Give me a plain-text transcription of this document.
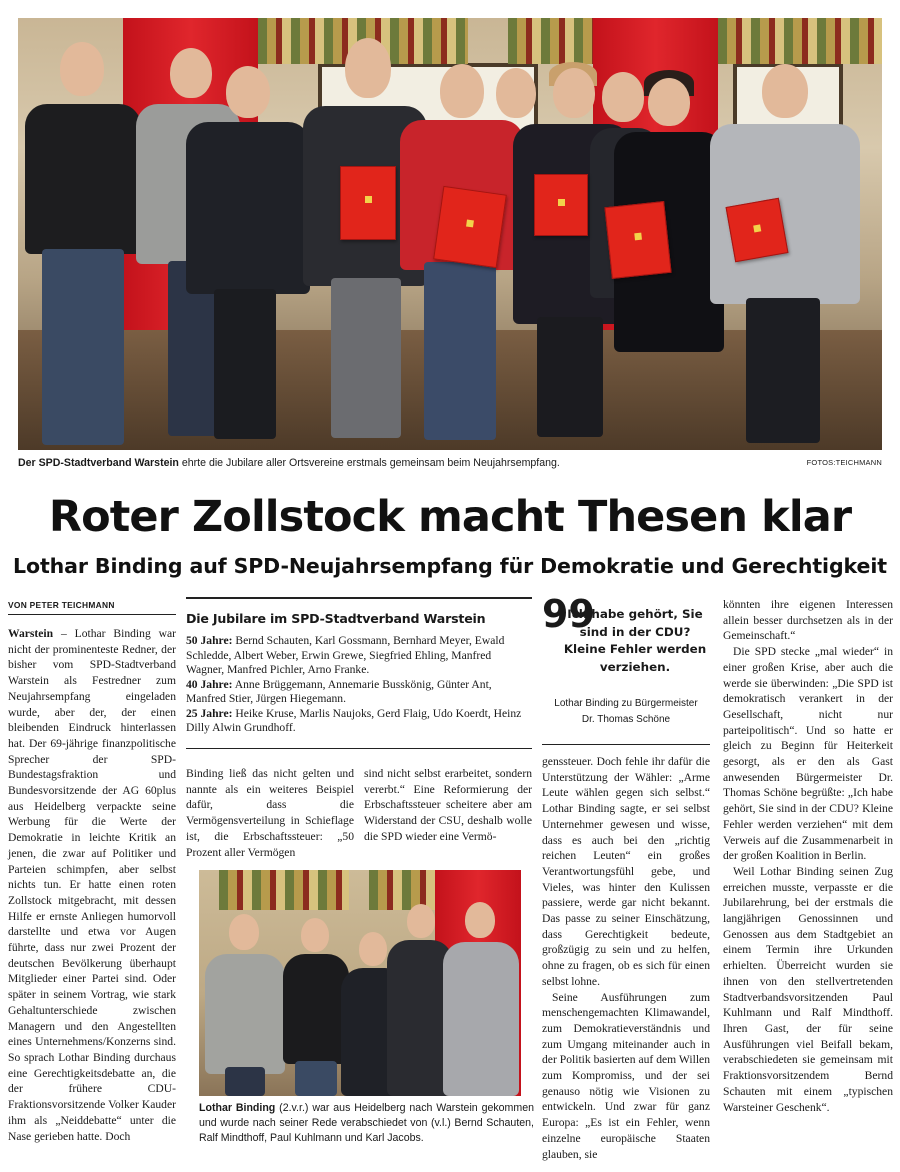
Der SPD-Stadtverband Warstein ehrte die Jubilare aller Ortsvereine erstmals gemeinsam beim Neujahrsempfang.	FOTOS:TEICHMANN
Roter Zollstock macht Thesen klar
Lothar Binding auf SPD-Neujahrsempfang für Demokratie und Gerechtigkeit
VON PETER TEICHMANN

Warstein – Lothar Binding war nicht der prominenteste Redner, der bisher vom SPD-Stadtverband Warstein als Festredner zum Neujahrsempfang eingeladen wurde, aber der, der einen bleibenden Eindruck hinterlassen hat. Der 69-jährige finanzpolitische Sprecher der SPD-Bundestagsfraktion und Bundesvorsitzende der AG 60plus aus Heidelberg verpackte seine Werbung für die Werte der Demokratie in leichte Kritik an jenen, die zwar auf Politiker und Parteien schimpfen, aber selbst nichts tun. Er hatte einen roten Zollstock mitgebracht, mit dessen Hilfe er ernste Anliegen humorvoll darstellte und etwa vor Augen führte, dass nur zwei Prozent der deutschen Bevölkerung überhaupt Mitglieder einer Partei sind. Oder später in seinem Vortrag, wie stark Gehaltunterschiede zwischen Managern und den Angestellten eines Unternehmens/Konzerns sind. So sprach Lothar Binding durchaus eine Gerechtigkeitsdebatte an, die der frühere CDU-Fraktionsvorsitzende Volker Kauder ihm als „Neiddebatte“ unter die Nase gerieben hatte. Doch

Die Jubilare im SPD-Stadtverband Warstein

50 Jahre: Bernd Schauten, Karl Gossmann, Bernhard Meyer, Ewald Schledde, Albert Weber, Erwin Grewe, Siegfried Ehling, Manfred Wagner, Manfred Pichler, Arno Franke.

40 Jahre: Anne Brüggemann, Annemarie Busskönig, Günter Ant, Manfred Stier, Jürgen Hiegemann.

25 Jahre: Heike Kruse, Marlis Naujoks, Gerd Flaig, Udo Koerdt, Heinz Dilly Alwin Grundhoff.

Binding ließ das nicht gelten und nannte als ein weiteres Beispiel dafür, dass die Vermögensverteilung in Schieflage ist, die Erbschaftssteuer: „50 Prozent aller Vermögen

sind nicht selbst erarbeitet, sondern vererbt.“ Eine Reformierung der Erbschaftssteuer scheitere aber am Widerstand der CSU, deshalb wolle die SPD wieder eine Vermö-

Lothar Binding (2.v.r.) war aus Heidelberg nach Warstein gekommen und wurde nach seiner Rede verabschiedet von (v.l.) Bernd Schauten, Ralf Mindthoff, Paul Kuhlmann und Karl Jacobs.
99
Ich habe gehört, Sie sind in der CDU? Kleine Fehler werden verziehen.
Lothar Binding zu Bürgermeister
Dr. Thomas Schöne

genssteuer. Doch fehle ihr dafür die Unterstützung der Wähler: „Arme Leute wählen gegen sich selbst.“ Lothar Binding sagte, er sei selbst Unternehmer gewesen und wisse, dass es auch bei den „richtig reichen Leuten“ ein großes Verantwortungsfühl gebe, und Vieles, was hinter den Kulissen passiere, werde gar nicht bekannt. Das passe zu seiner Einschätzung, dass Gerechtigkeit bedeute, großzügig zu sein und zu helfen, ohne zu fragen, ob es sich für einen selbst lohne.

Seine Ausführungen zum menschengemachten Klimawandel, zum Demokratieverständnis und zum Umgang miteinander auch in der Politik basierten auf dem Willen zum Kompromiss, und der sei genauso nötig wie Visionen zu entwickeln. Und zwar für ganz Europa: „Es ist ein Fehler, wenn einzelne europäische Staaten glauben, sie

könnten ihre eigenen Interessen allein besser durchsetzen als in der Gemeinschaft.“

Die SPD stecke „mal wieder“ in einer großen Krise, aber auch die werde sie überwinden: „Die SPD ist demokratisch verankert in der Gesellschaft, nicht nur parteipolitisch“. Und so hatte er gleich zu Beginn für Heiterkeit gesorgt, als er den als Gast anwesenden Bürgermeister Dr. Thomas Schöne begrüßte: „Ich habe gehört, Sie sind in der CDU? Kleine Fehler werden verziehen“ mit dem Verweis auf die Zusammenarbeit in der großen Koalition in Berlin.

Weil Lothar Binding seinen Zug erreichen musste, verpasste er die Jubilarehrung, bei der erstmals die langjährigen Genossinnen und Genossen aus dem Stadtgebiet an einem Termin ihre Urkunden erhielten. Überreicht wurden sie ihnen von den stellvertretenden Stadtverbandsvorsitzenden Paul Kuhlmann und Ralf Mindthoff. Ihren Gast, der für seine Ausführungen viel Beifall bekam, verabschiedeten sie gemeinsam mit Fraktionsvorsitzendem Bernd Schauten mit einem „typischen Warsteiner Geschenk“.
